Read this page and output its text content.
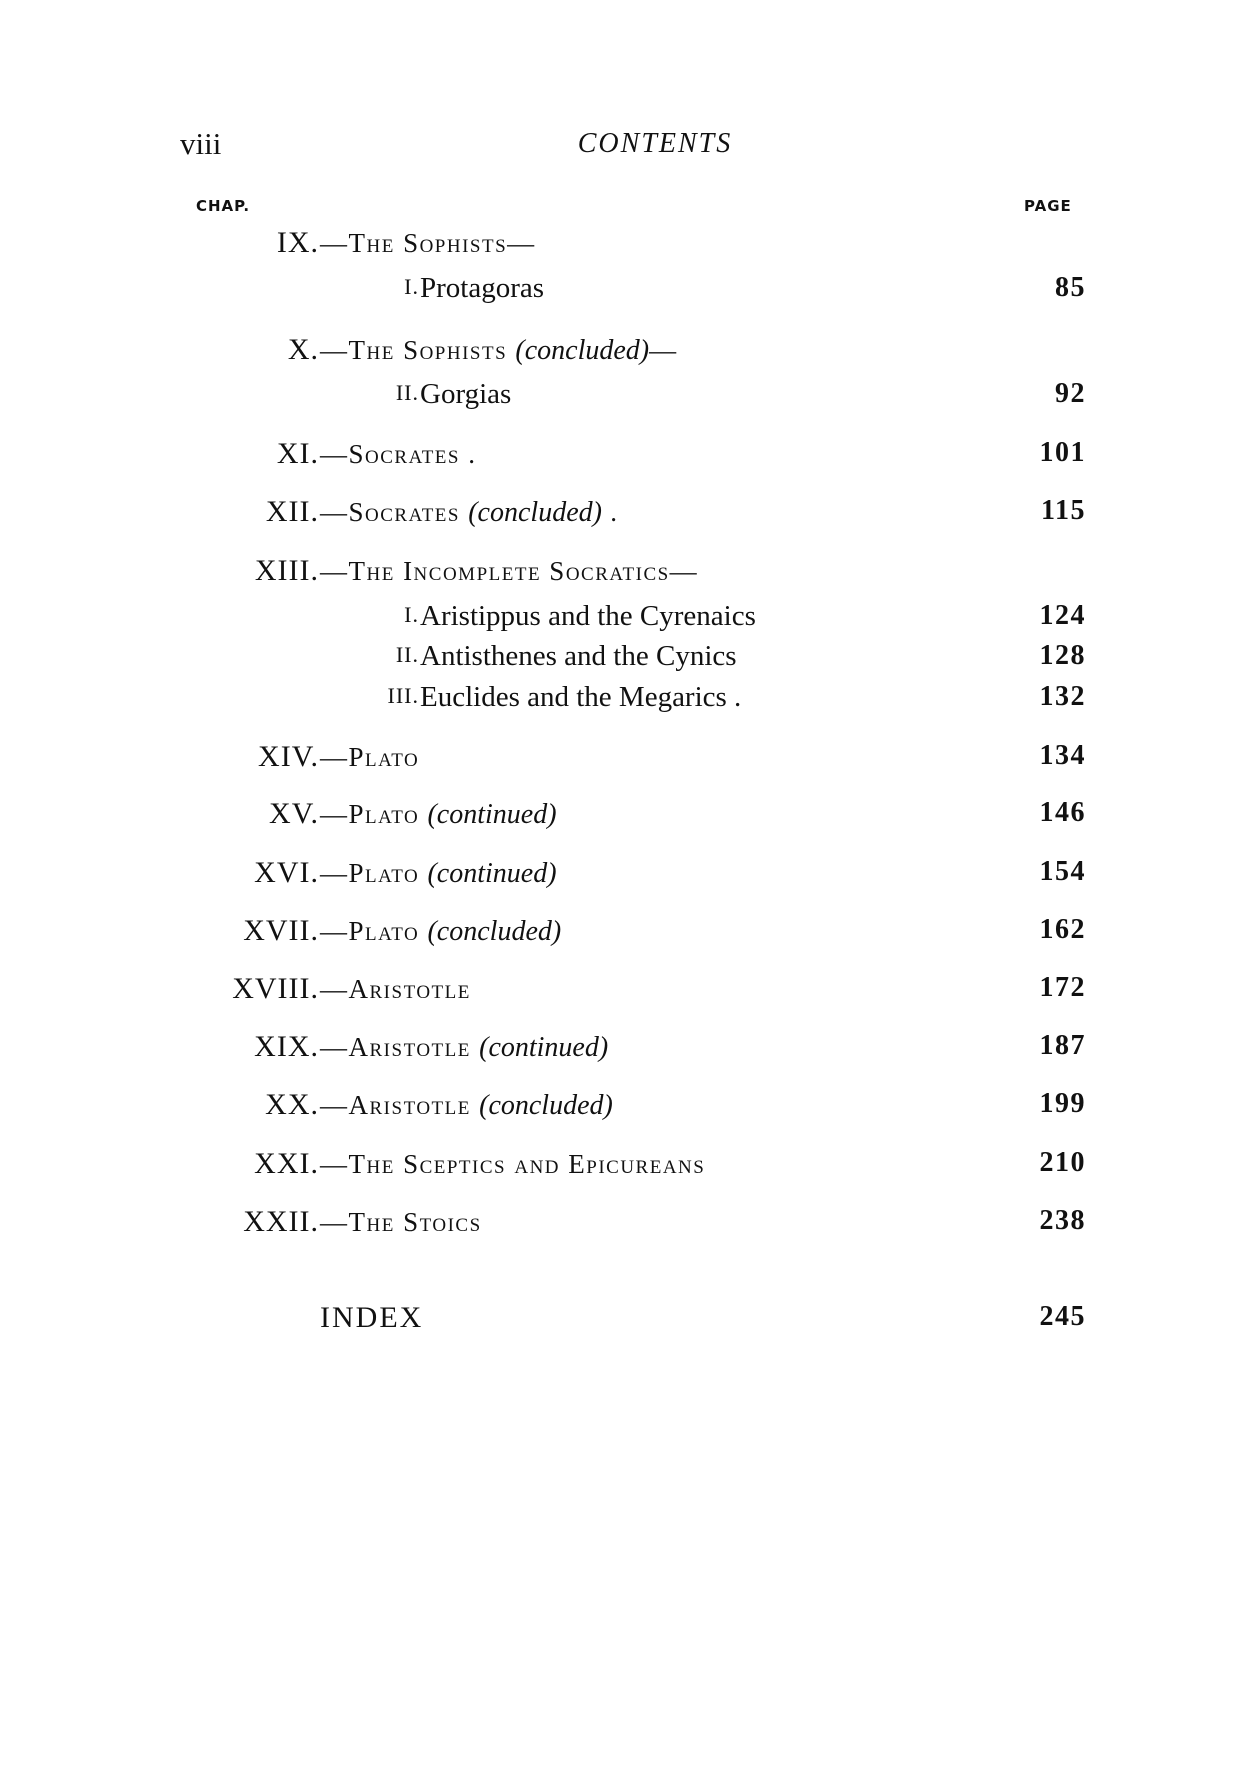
viii	CONTENTS
CHAP.	PAGE
IX. —The Sophists—
I. Protagoras	85
X. —The Sophists (concluded)—
II. Gorgias	92
XI. —Socrates .	101
XII. —Socrates (concluded) .	115
XIII. —The Incomplete Socratics—
I. Aristippus and the Cyrenaics	124
II. Antisthenes and the Cynics	128
III. Euclides and the Megarics .	132
XIV. —Plato	134
XV. —Plato (continued)	146
XVI. —Plato (continued)	154
XVII. —Plato (concluded)	162
XVIII. —Aristotle	172
XIX. —Aristotle (continued)	187
XX. —Aristotle (concluded)	199
XXI. —The Sceptics and Epicureans	210
XXII. —The Stoics	238
INDEX	245
